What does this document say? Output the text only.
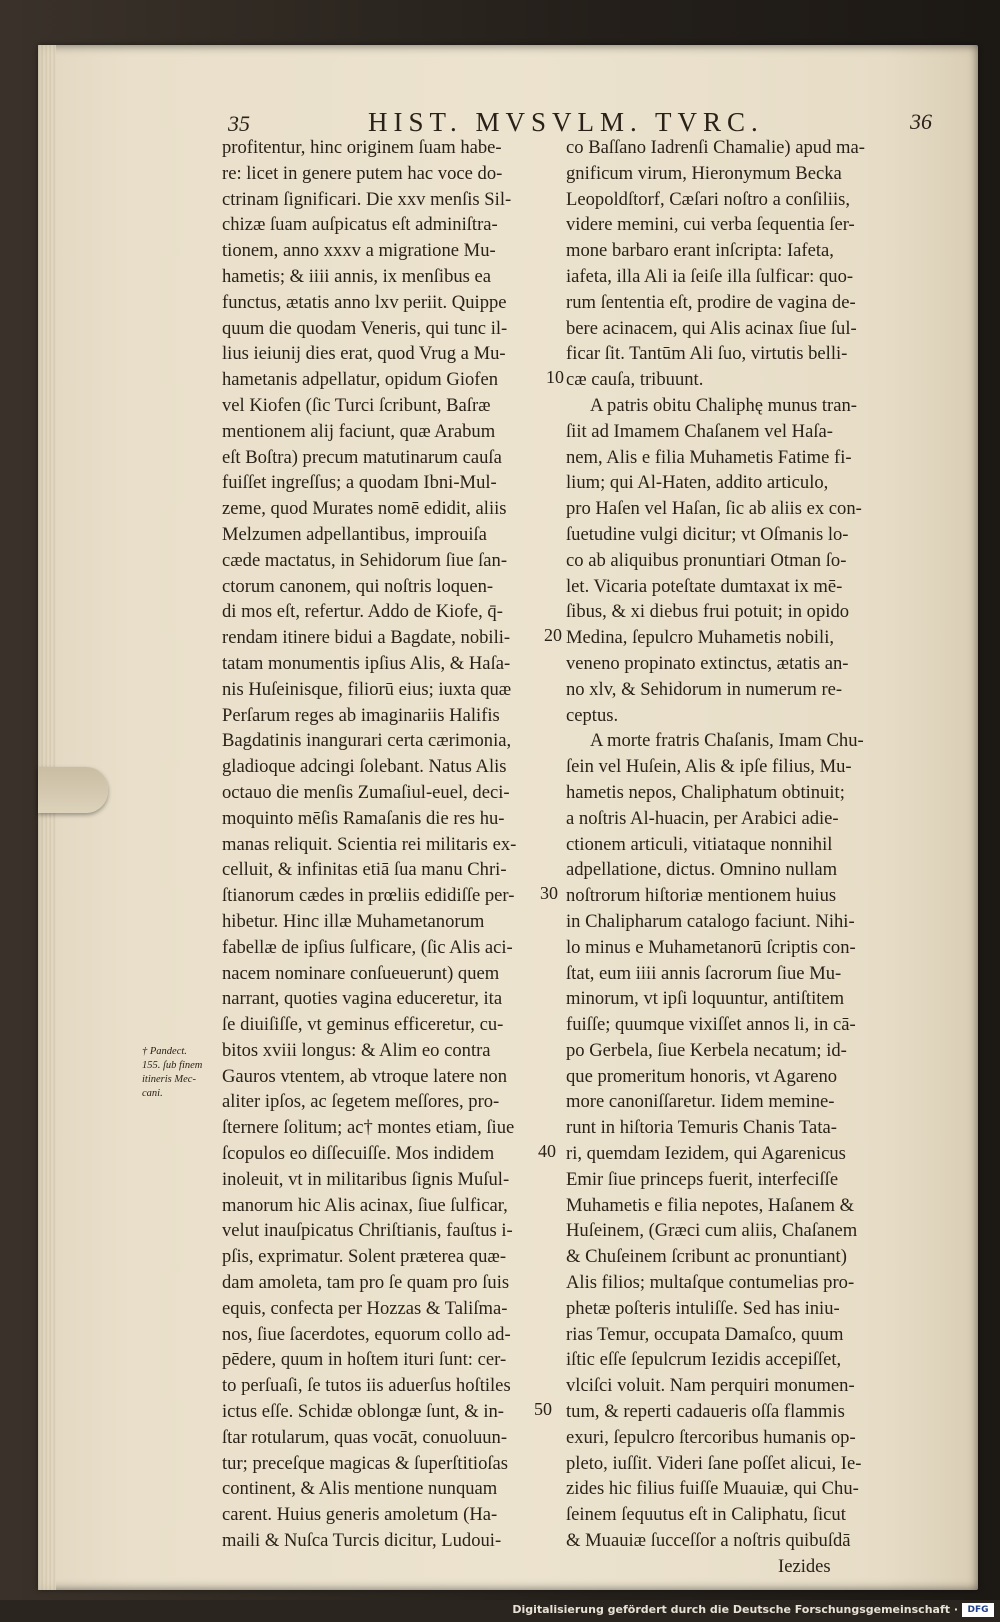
35	HIST. MVSVLM. TVRC.	36
profitentur, hinc originem ſuam habe-
re: licet in genere putem hac voce do-
ctrinam ſignificari. Die xxv menſis Sil-
chizæ ſuam auſpicatus eſt adminiſtra-
tionem, anno xxxv a migratione Mu-
hametis; & iiii annis, ix menſibus ea
functus, ætatis anno lxv periit. Quippe
quum die quodam Veneris, qui tunc il-
lius ieiunij dies erat, quod Vrug a Mu-
hametanis adpellatur, opidum Giofen
vel Kiofen (ſic Turci ſcribunt, Baſræ
mentionem alij faciunt, quæ Arabum
eſt Boſtra) precum matutinarum cauſa
fuiſſet ingreſſus; a quodam Ibni-Mul-
zeme, quod Murates nomē edidit, aliis
Melzumen adpellantibus, improuiſa
cæde mactatus, in Sehidorum ſiue ſan-
ctorum canonem, qui noſtris loquen-
di mos eſt, refertur. Addo de Kiofe, q̄-
rendam itinere bidui a Bagdate, nobili-
tatam monumentis ipſius Alis, & Haſa-
nis Huſeinisque, filiorū eius; iuxta quæ
Perſarum reges ab imaginariis Halifis
Bagdatinis inangurari certa cærimonia,
gladioque adcingi ſolebant. Natus Alis
octauo die menſis Zumaſiul-euel, deci-
moquinto mēſis Ramaſanis die res hu-
manas reliquit. Scientia rei militaris ex-
celluit, & infinitas etiā ſua manu Chri-
ſtianorum cædes in prœliis edidiſſe per-
hibetur. Hinc illæ Muhametanorum
fabellæ de ipſius ſulficare, (ſic Alis aci-
nacem nominare conſueuerunt) quem
narrant, quoties vagina educeretur, ita
ſe diuiſiſſe, vt geminus efficeretur, cu-
bitos xviii longus: & Alim eo contra
Gauros vtentem, ab vtroque latere non
aliter ipſos, ac ſegetem meſſores, pro-
ſternere ſolitum; ac† montes etiam, ſiue
ſcopulos eo diſſecuiſſe. Mos indidem
inoleuit, vt in militaribus ſignis Muſul-
manorum hic Alis acinax, ſiue ſulficar,
velut inauſpicatus Chriſtianis, fauſtus i-
pſis, exprimatur. Solent præterea quæ-
dam amoleta, tam pro ſe quam pro ſuis
equis, confecta per Hozzas & Taliſma-
nos, ſiue ſacerdotes, equorum collo ad-
pēdere, quum in hoſtem ituri ſunt: cer-
to perſuaſi, ſe tutos iis aduerſus hoſtiles
ictus eſſe. Schidæ oblongæ ſunt, & in-
ſtar rotularum, quas vocāt, conuoluun-
tur; preceſque magicas & ſuperſtitioſas
continent, & Alis mentione nunquam
carent. Huius generis amoletum (Ha-
maili & Nuſca Turcis dicitur, Ludoui-
co Baſſano Iadrenſi Chamalie) apud ma-
gnificum virum, Hieronymum Becka
Leopoldſtorf, Cæſari noſtro a conſiliis,
videre memini, cui verba ſequentia ſer-
mone barbaro erant inſcripta: Iafeta,
iafeta, illa Ali ia ſeiſe illa ſulficar: quo-
rum ſententia eſt, prodire de vagina de-
bere acinacem, qui Alis acinax ſiue ſul-
ficar ſit. Tantūm Ali ſuo, virtutis belli-
cæ cauſa, tribuunt.
A patris obitu Chaliphę munus tran-
ſiit ad Imamem Chaſanem vel Haſa-
nem, Alis e filia Muhametis Fatime fi-
lium; qui Al-Haten, addito articulo,
pro Haſen vel Haſan, ſic ab aliis ex con-
ſuetudine vulgi dicitur; vt Oſmanis lo-
co ab aliquibus pronuntiari Otman ſo-
let. Vicaria poteſtate dumtaxat ix mē-
ſibus, & xi diebus frui potuit; in opido
Medina, ſepulcro Muhametis nobili,
veneno propinato extinctus, ætatis an-
no xlv, & Sehidorum in numerum re-
ceptus.
A morte fratris Chaſanis, Imam Chu-
ſein vel Huſein, Alis & ipſe filius, Mu-
hametis nepos, Chaliphatum obtinuit;
a noſtris Al-huacin, per Arabici adie-
ctionem articuli, vitiataque nonnihil
adpellatione, dictus. Omnino nullam
noſtrorum hiſtoriæ mentionem huius
in Chalipharum catalogo faciunt. Nihi-
lo minus e Muhametanorū ſcriptis con-
ſtat, eum iiii annis ſacrorum ſiue Mu-
minorum, vt ipſi loquuntur, antiſtitem
fuiſſe; quumque vixiſſet annos li, in cā-
po Gerbela, ſiue Kerbela necatum; id-
que promeritum honoris, vt Agareno
more canoniſſaretur. Iidem memine-
runt in hiſtoria Temuris Chanis Tata-
ri, quemdam Iezidem, qui Agarenicus
Emir ſiue princeps fuerit, interfeciſſe
Muhametis e filia nepotes, Haſanem &
Huſeinem, (Græci cum aliis, Chaſanem
& Chuſeinem ſcribunt ac pronuntiant)
Alis filios; multaſque contumelias pro-
phetæ poſteris intuliſſe. Sed has iniu-
rias Temur, occupata Damaſco, quum
iſtic eſſe ſepulcrum Iezidis accepiſſet,
vlciſci voluit. Nam perquiri monumen-
tum, & reperti cadaueris oſſa flammis
exuri, ſepulcro ſtercoribus humanis op-
pleto, iuſſit. Videri ſane poſſet alicui, Ie-
zides hic filius fuiſſe Muauiæ, qui Chu-
ſeinem ſequutus eſt in Caliphatu, ſicut
& Muauiæ ſucceſſor a noſtris quibuſdā
Iezides
10
20
30
40
50
† Pandect.
155. ſub finem
itineris Mec-
cani.
Digitalisierung gefördert durch die Deutsche Forschungsgemeinschaft ·	DFG
